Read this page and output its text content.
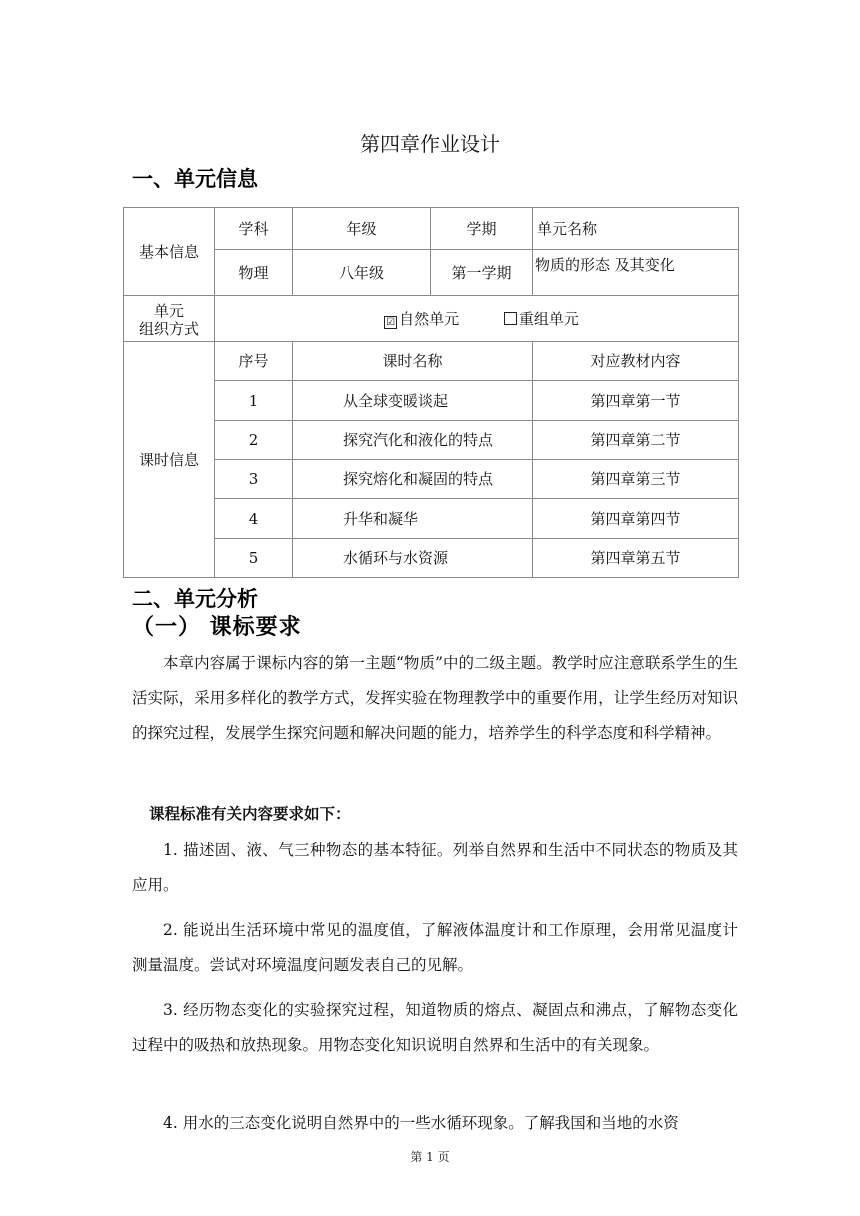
第四章作业设计
一、单元信息
基本信息	学科	年级	学期	单元名称
	物理	八年级	第一学期	物质的形态 及其变化
单元
组织方式	☑ 自然单元 重组单元			
课时信息	序号	课时名称		对应教材内容
	1	从全球变暖谈起		第四章第一节
	2	探究汽化和液化的特点		第四章第二节
	3	探究熔化和凝固的特点		第四章第三节
	4	升华和凝华		第四章第四节
	5	水循环与水资源		第四章第五节
二、单元分析
（一） 课标要求

本章内容属于课标内容的第一主题“物质”中的二级主题。教学时应注意联系学生的生活实际，采用多样化的教学方式，发挥实验在物理教学中的重要作用，让学生经历对知识的探究过程，发展学生探究问题和解决问题的能力，培养学生的科学态度和科学精神。

课程标准有关内容要求如下：

1. 描述固、液、气三种物态的基本特征。列举自然界和生活中不同状态的物质及其应用。

2. 能说出生活环境中常见的温度值，了解液体温度计和工作原理，会用常见温度计测量温度。尝试对环境温度问题发表自己的见解。

3. 经历物态变化的实验探究过程，知道物质的熔点、凝固点和沸点，了解物态变化过程中的吸热和放热现象。用物态变化知识说明自然界和生活中的有关现象。

4. 用水的三态变化说明自然界中的一些水循环现象。了解我国和当地的水资

第 1 页
